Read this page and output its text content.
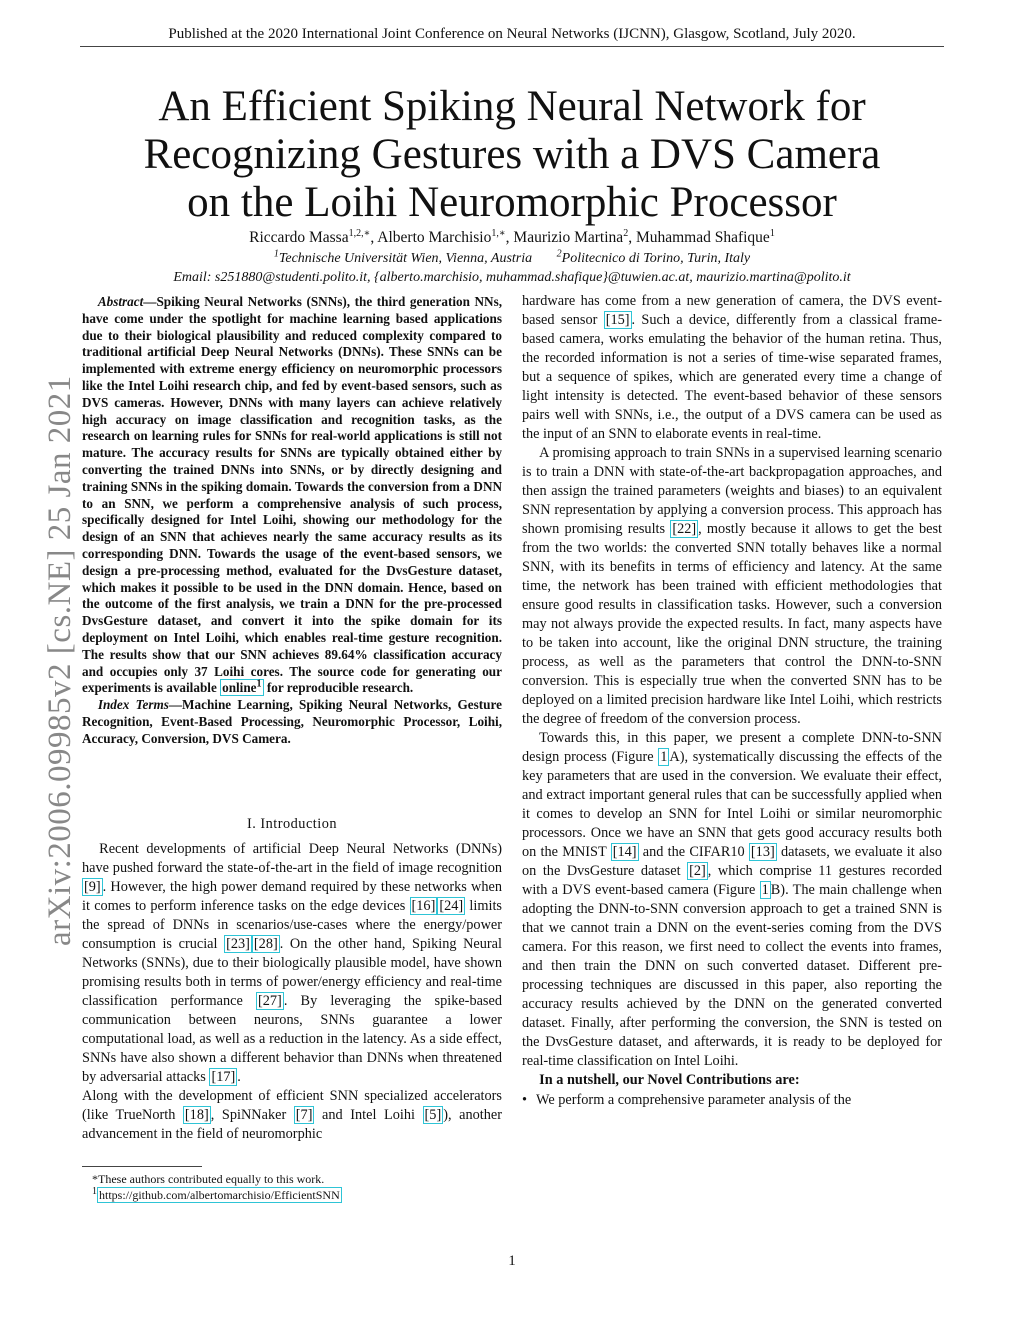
Published at the 2020 International Joint Conference on Neural Networks (IJCNN), Glasgow, Scotland, July 2020.
An Efficient Spiking Neural Network for
Recognizing Gestures with a DVS Camera
on the Loihi Neuromorphic Processor
Riccardo Massa$^{1,2,∗}$, Alberto Marchisio$^{1,∗}$, Maurizio Martina$^2$, Muhammad Shafique$^1$
$^1$Technische Universität Wien, Vienna, Austria $^2$Politecnico di Torino, Turin, Italy
Email: s251880@studenti.polito.it, {alberto.marchisio, muhammad.shafique}@tuwien.ac.at, maurizio.martina@polito.it
arXiv:2006.09985v2 [cs.NE] 25 Jan 2021

Abstract—Spiking Neural Networks (SNNs), the third generation NNs, have come under the spotlight for machine learning based applications due to their biological plausibility and reduced complexity compared to traditional artificial Deep Neural Networks (DNNs). These SNNs can be implemented with extreme energy efficiency on neuromorphic processors like the Intel Loihi research chip, and fed by event-based sensors, such as DVS cameras. However, DNNs with many layers can achieve relatively high accuracy on image classification and recognition tasks, as the research on learning rules for SNNs for real-world applications is still not mature. The accuracy results for SNNs are typically obtained either by converting the trained DNNs into SNNs, or by directly designing and training SNNs in the spiking domain. Towards the conversion from a DNN to an SNN, we perform a comprehensive analysis of such process, specifically designed for Intel Loihi, showing our methodology for the design of an SNN that achieves nearly the same accuracy results as its corresponding DNN. Towards the usage of the event-based sensors, we design a pre-processing method, evaluated for the DvsGesture dataset, which makes it possible to be used in the DNN domain. Hence, based on the outcome of the first analysis, we train a DNN for the pre-processed DvsGesture dataset, and convert it into the spike domain for its deployment on Intel Loihi, which enables real-time gesture recognition. The results show that our SNN achieves 89.64% classification accuracy and occupies only 37 Loihi cores. The source code for generating our experiments is available online$^1$ for reproducible research.

Index Terms—Machine Learning, Spiking Neural Networks, Gesture Recognition, Event-Based Processing, Neuromorphic Processor, Loihi, Accuracy, Conversion, DVS Camera.

I. Introduction

Recent developments of artificial Deep Neural Networks (DNNs) have pushed forward the state-of-the-art in the field of image recognition [9] . However, the high power demand required by these networks when it comes to perform inference tasks on the edge devices [16] [24] limits the spread of DNNs in scenarios/use-cases where the energy/power consumption is crucial [23] [28] . On the other hand, Spiking Neural Networks (SNNs), due to their biologically plausible model, have shown promising results both in terms of power/energy efficiency and real-time classification performance [27] . By leveraging the spike-based communication between neurons, SNNs guarantee a lower computational load, as well as a reduction in the latency. As a side effect, SNNs have also shown a different behavior than DNNs when threatened by adversarial attacks [17] .

Along with the development of efficient SNN specialized accelerators (like TrueNorth [18] , SpiNNaker [7] and Intel Loihi [5] ), another advancement in the field of neuromorphic

*These authors contributed equally to this work.
$^1$ https://github.com/albertomarchisio/EfficientSNN

hardware has come from a new generation of camera, the DVS event-based sensor [15] . Such a device, differently from a classical frame-based camera, works emulating the behavior of the human retina. Thus, the recorded information is not a series of time-wise separated frames, but a sequence of spikes, which are generated every time a change of light intensity is detected. The event-based behavior of these sensors pairs well with SNNs, i.e., the output of a DVS camera can be used as the input of an SNN to elaborate events in real-time.

A promising approach to train SNNs in a supervised learning scenario is to train a DNN with state-of-the-art backpropagation approaches, and then assign the trained parameters (weights and biases) to an equivalent SNN representation by applying a conversion process. This approach has shown promising results [22] , mostly because it allows to get the best from the two worlds: the converted SNN totally behaves like a normal SNN, with its benefits in terms of efficiency and latency. At the same time, the network has been trained with efficient methodologies that ensure good results in classification tasks. However, such a conversion may not always provide the expected results. In fact, many aspects have to be taken into account, like the original DNN structure, the training process, as well as the parameters that control the DNN-to-SNN conversion. This is especially true when the converted SNN has to be deployed on a limited precision hardware like Intel Loihi, which restricts the degree of freedom of the conversion process.

Towards this, in this paper, we present a complete DNN-to-SNN design process (Figure 1 A), systematically discussing the effects of the key parameters that are used in the conversion. We evaluate their effect, and extract important general rules that can be successfully applied when it comes to develop an SNN for Intel Loihi or similar neuromorphic processors. Once we have an SNN that gets good accuracy results both on the MNIST [14] and the CIFAR10 [13] datasets, we evaluate it also on the DvsGesture dataset [2] , which comprise 11 gestures recorded with a DVS event-based camera (Figure 1 B). The main challenge when adopting the DNN-to-SNN conversion approach to get a trained SNN is that we cannot train a DNN on the event-series coming from the DVS camera. For this reason, we first need to collect the events into frames, and then train the DNN on such converted dataset. Different pre-processing techniques are discussed in this paper, also reporting the accuracy results achieved by the DNN on the generated converted dataset. Finally, after performing the conversion, the SNN is tested on the DvsGesture dataset, and afterwards, it is ready to be deployed for real-time classification on Intel Loihi.

In a nutshell, our Novel Contributions are:

• We perform a comprehensive parameter analysis of the
1
